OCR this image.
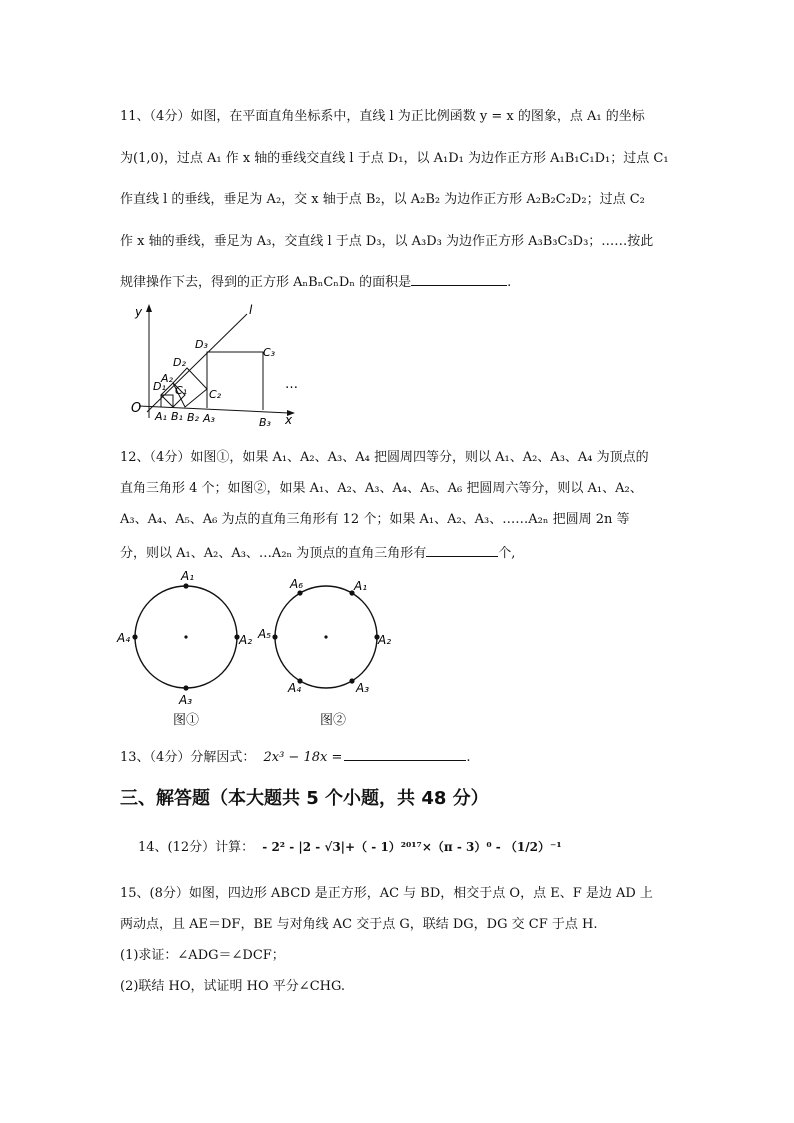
11、（4分）如图，在平面直角坐标系中，直线 l 为正比例函数 y = x 的图象，点 A₁ 的坐标
为(1,0)，过点 A₁ 作 x 轴的垂线交直线 l 于点 D₁，以 A₁D₁ 为边作正方形 A₁B₁C₁D₁；过点 C₁
作直线 l 的垂线，垂足为 A₂，交 x 轴于点 B₂，以 A₂B₂ 为边作正方形 A₂B₂C₂D₂；过点 C₂
作 x 轴的垂线，垂足为 A₃，交直线 l 于点 D₃，以 A₃D₃ 为边作正方形 A₃B₃C₃D₃；……按此
规律操作下去，得到的正方形 AₙBₙCₙDₙ 的面积是	.
y
x
l
O
D₁
A₂
C₁
D₂
C₂
D₃
C₃
A₁ B₁ B₂ A₃	B₃
…
12、（4分）如图①，如果 A₁、A₂、A₃、A₄ 把圆周四等分，则以 A₁、A₂、A₃、A₄ 为顶点的
直角三角形 4 个；如图②，如果 A₁、A₂、A₃、A₄、A₅、A₆ 把圆周六等分，则以 A₁、A₂、
A₃、A₄、A₅、A₆ 为点的直角三角形有 12 个；如果 A₁、A₂、A₃、……A₂ₙ 把圆周 2n 等
分，则以 A₁、A₂、A₃、…A₂ₙ 为顶点的直角三角形有	个,
A₁
A₂
A₃
A₄
图①
A₁
A₂
A₃
A₄
A₅
A₆
图②
13、（4分）分解因式： 2x³ − 18x =	.
三、解答题（本大题共 5 个小题，共 48 分）
14、(12分）计算： - 2² - |2 - √3|+（ - 1）²⁰¹⁷×（π - 3）⁰ - （1/2）⁻¹
15、(8分）如图，四边形 ABCD 是正方形，AC 与 BD，相交于点 O，点 E、F 是边 AD 上
两动点，且 AE＝DF，BE 与对角线 AC 交于点 G，联结 DG，DG 交 CF 于点 H.
(1)求证：∠ADG＝∠DCF；
(2)联结 HO，试证明 HO 平分∠CHG.
